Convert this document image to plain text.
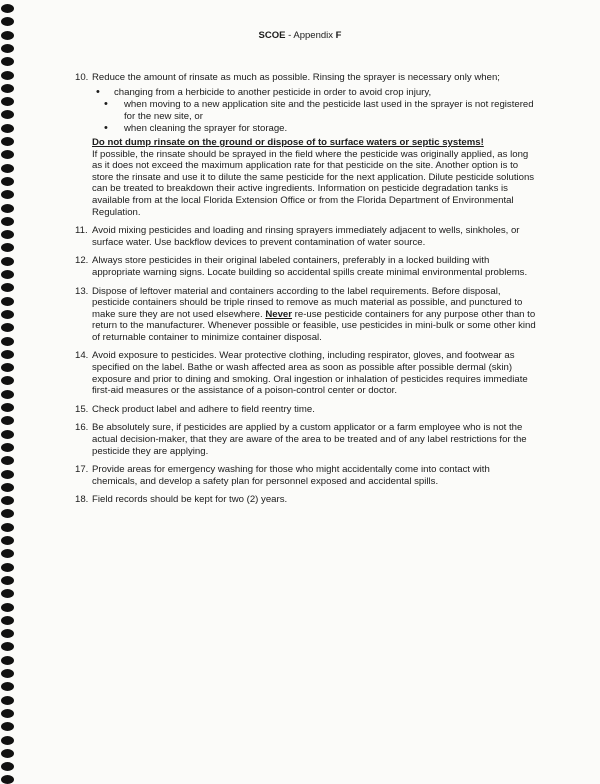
SCOE - Appendix F
10. Reduce the amount of rinsate as much as possible. Rinsing the sprayer is necessary only when;
• changing from a herbicide to another pesticide in order to avoid crop injury,
• when moving to a new application site and the pesticide last used in the sprayer is not registered for the new site, or
• when cleaning the sprayer for storage.
Do not dump rinsate on the ground or dispose of to surface waters or septic systems!
If possible, the rinsate should be sprayed in the field where the pesticide was originally applied, as long as it does not exceed the maximum application rate for that pesticide on the site. Another option is to store the rinsate and use it to dilute the same pesticide for the next application. Dilute pesticide solutions can be treated to breakdown their active ingredients. Information on pesticide degradation tanks is available from at the local Florida Extension Office or from the Florida Department of Environmental Regulation.
11. Avoid mixing pesticides and loading and rinsing sprayers immediately adjacent to wells, sinkholes, or surface water. Use backflow devices to prevent contamination of water source.
12. Always store pesticides in their original labeled containers, preferably in a locked building with appropriate warning signs. Locate building so accidental spills create minimal environmental problems.
13. Dispose of leftover material and containers according to the label requirements. Before disposal, pesticide containers should be triple rinsed to remove as much material as possible, and punctured to make sure they are not used elsewhere. Never re-use pesticide containers for any purpose other than to return to the manufacturer. Whenever possible or feasible, use pesticides in mini-bulk or some other kind of returnable container to minimize container disposal.
14. Avoid exposure to pesticides. Wear protective clothing, including respirator, gloves, and footwear as specified on the label. Bathe or wash affected area as soon as possible after possible dermal (skin) exposure and prior to dining and smoking. Oral ingestion or inhalation of pesticides requires immediate first-aid measures or the assistance of a poison-control center or doctor.
15. Check product label and adhere to field reentry time.
16. Be absolutely sure, if pesticides are applied by a custom applicator or a farm employee who is not the actual decision-maker, that they are aware of the area to be treated and of any label restrictions for the pesticide they are applying.
17. Provide areas for emergency washing for those who might accidentally come into contact with chemicals, and develop a safety plan for personnel exposed and accidental spills.
18. Field records should be kept for two (2) years.
